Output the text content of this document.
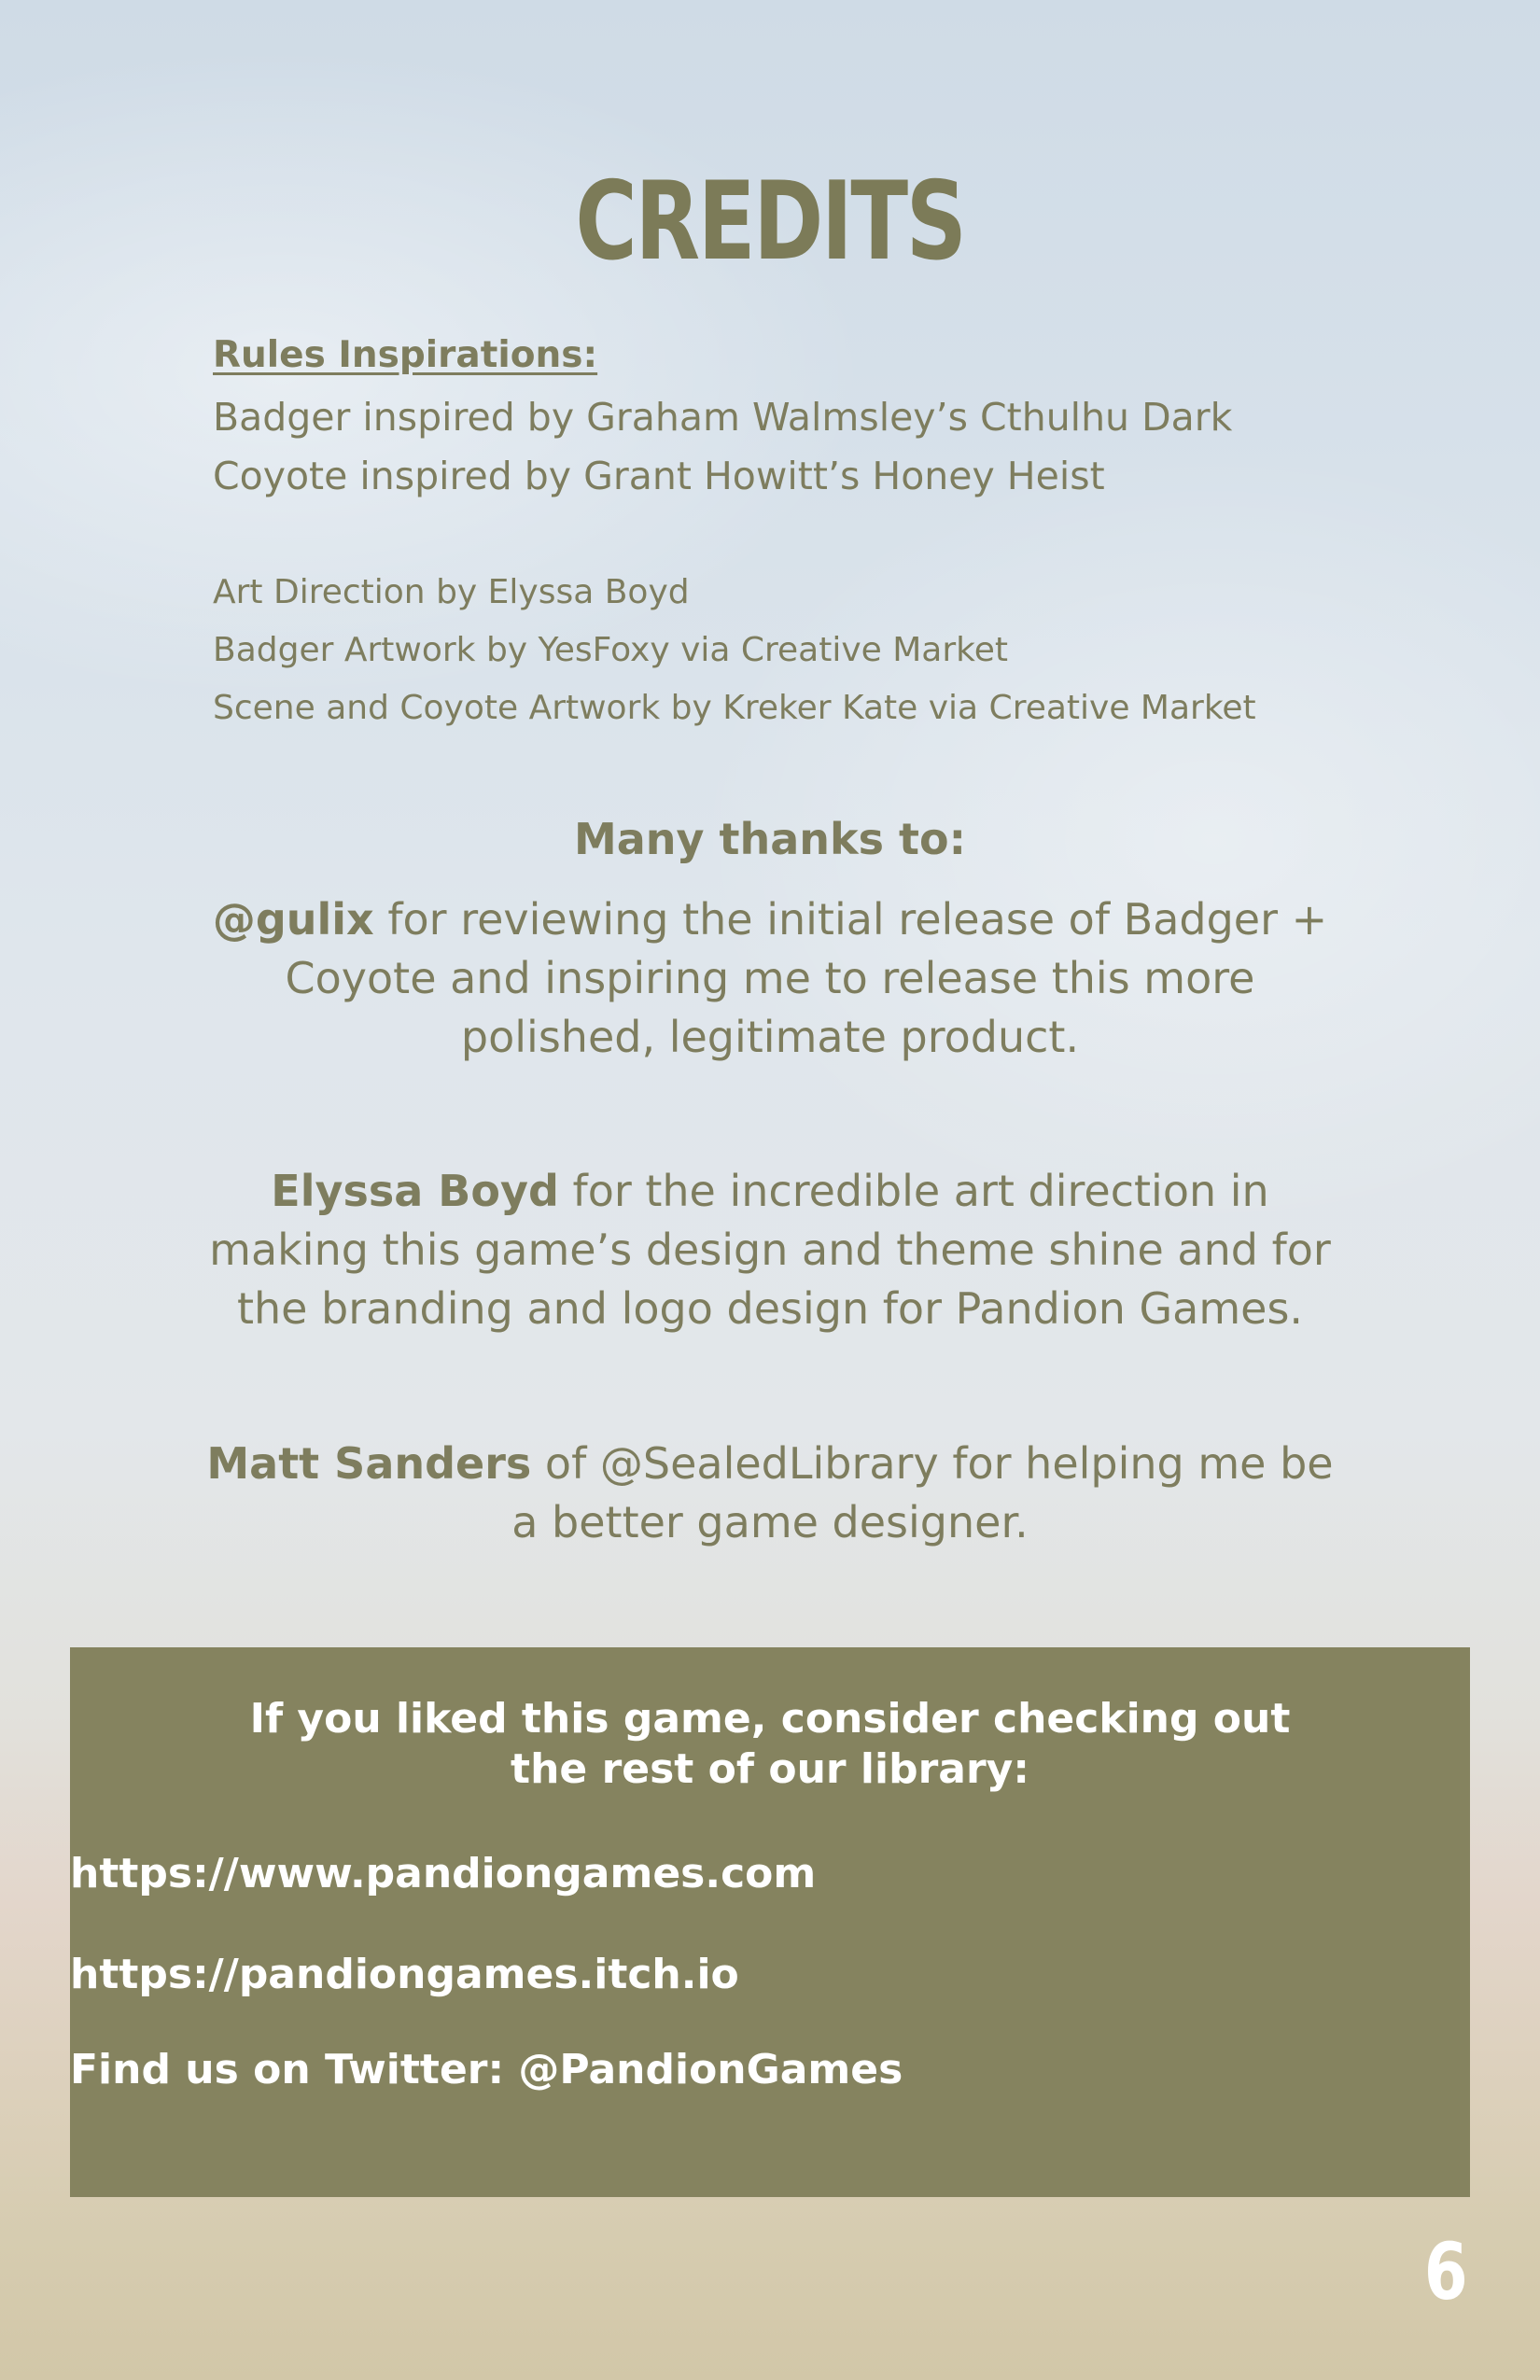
CREDITS

Rules Inspirations:

Badger inspired by Graham Walmsley’s Cthulhu Dark

Coyote inspired by Grant Howitt’s Honey Heist

Art Direction by Elyssa Boyd

Badger Artwork by YesFoxy via Creative Market

Scene and Coyote Artwork by Kreker Kate via Creative Market

Many thanks to:

@gulix for reviewing the initial release of Badger + Coyote and inspiring me to release this more polished, legitimate product.

Elyssa Boyd for the incredible art direction in making this game’s design and theme shine and for the branding and logo design for Pandion Games.

Matt Sanders of @SealedLibrary for helping me be a better game designer.

If you liked this game, consider checking out the rest of our library:

https://www.pandiongames.com
https://pandiongames.itch.io

Find us on Twitter: @PandionGames

6
